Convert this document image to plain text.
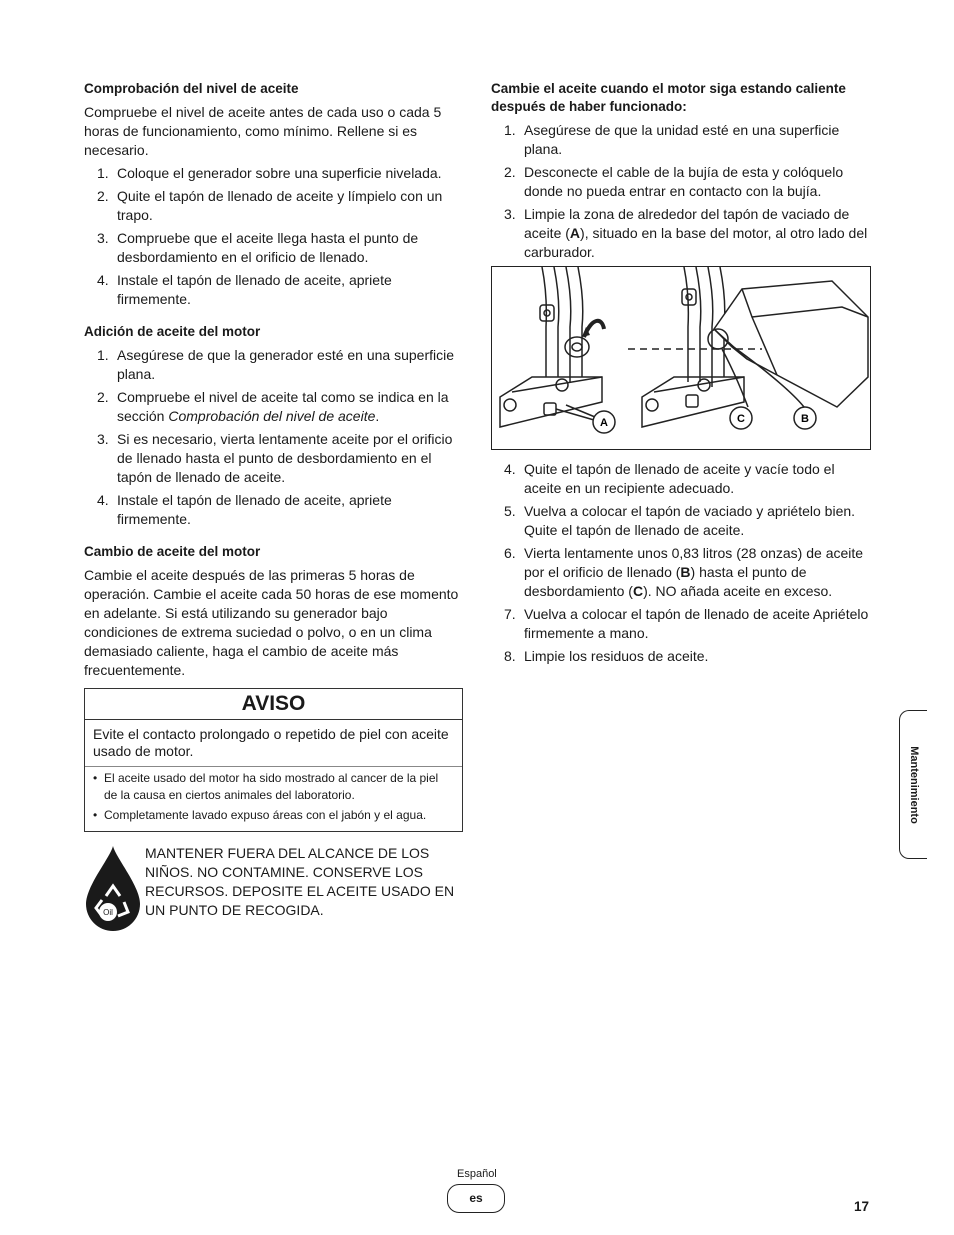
Comprobación del nivel de aceite

Compruebe el nivel de aceite antes de cada uso o cada 5 horas de funcionamiento, como mínimo. Rellene si es necesario.

1. Coloque el generador sobre una superficie nivelada.
2. Quite el tapón de llenado de aceite y límpielo con un trapo.
3. Compruebe que el aceite llega hasta el punto de desbordamiento en el orificio de llenado.
4. Instale el tapón de llenado de aceite, apriete firmemente.
Adición de aceite del motor
1. Asegúrese de que la generador esté en una superficie plana.
2. Compruebe el nivel de aceite tal como se indica en la sección Comprobación del nivel de aceite.
3. Si es necesario, vierta lentamente aceite por el orificio de llenado hasta el punto de desbordamiento en el tapón de llenado de aceite.
4. Instale el tapón de llenado de aceite, apriete firmemente.
Cambio de aceite del motor

Cambie el aceite después de las primeras 5 horas de operación. Cambie el aceite cada 50 horas de ese momento en adelante. Si está utilizando su generador bajo condiciones de extrema suciedad o polvo, o en un clima demasiado caliente, haga el cambio de aceite más frecuentemente.

AVISO
Evite el contacto prolongado o repetido de piel con aceite usado de motor.
• El aceite usado del motor ha sido mostrado al cancer de la piel de la causa en ciertos animales del laboratorio.
• Completamente lavado expuso áreas con el jabón y el agua.
Oil
MANTENER FUERA DEL ALCANCE DE LOS NIÑOS. NO CONTAMINE. CONSERVE LOS RECURSOS. DEPOSITE EL ACEITE USADO EN UN PUNTO DE RECOGIDA.
Cambie el aceite cuando el motor siga estando caliente después de haber funcionado:
1. Asegúrese de que la unidad esté en una superficie plana.
2. Desconecte el cable de la bujía de esta y colóquelo donde no pueda entrar en contacto con la bujía.
3. Limpie la zona de alrededor del tapón de vaciado de aceite (A), situado en la base del motor, al otro lado del carburador.
A	C	B
4. Quite el tapón de llenado de aceite y vacíe todo el aceite en un recipiente adecuado.
5. Vuelva a colocar el tapón de vaciado y apriételo bien. Quite el tapón de llenado de aceite.
6. Vierta lentamente unos 0,83 litros (28 onzas) de aceite por el orificio de llenado (B) hasta el punto de desbordamiento (C). NO añada aceite en exceso.
7. Vuelva a colocar el tapón de llenado de aceite Apriételo firmemente a mano.
8. Limpie los residuos de aceite.
Mantenimiento
Español
es
17
